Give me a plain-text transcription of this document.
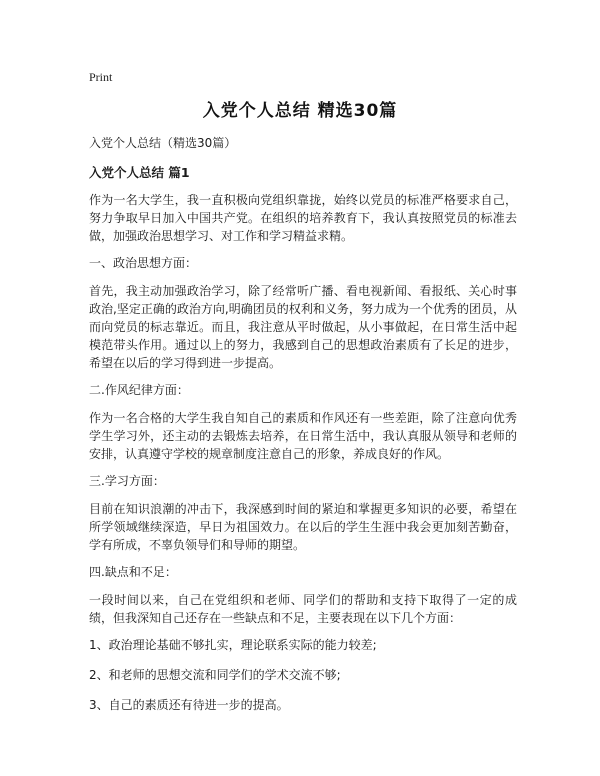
Print
入党个人总结 精选30篇
入党个人总结（精选30篇）
入党个人总结 篇1
作为一名大学生，我一直积极向党组织靠拢，始终以党员的标准严格要求自己，努力争取早日加入中国共产党。在组织的培养教育下，我认真按照党员的标准去做，加强政治思想学习、对工作和学习精益求精。
一、政治思想方面：
首先，我主动加强政治学习，除了经常听广播、看电视新闻、看报纸、关心时事政治,坚定正确的政治方向,明确团员的权利和义务，努力成为一个优秀的团员，从而向党员的标志靠近。而且，我注意从平时做起，从小事做起，在日常生活中起模范带头作用。通过以上的努力，我感到自己的思想政治素质有了长足的进步，希望在以后的学习得到进一步提高。
二.作风纪律方面：
作为一名合格的大学生我自知自己的素质和作风还有一些差距，除了注意向优秀学生学习外，还主动的去锻炼去培养，在日常生活中，我认真服从领导和老师的安排，认真遵守学校的规章制度注意自己的形象，养成良好的作风。
三.学习方面：
目前在知识浪潮的冲击下，我深感到时间的紧迫和掌握更多知识的必要，希望在所学领域继续深造，早日为祖国效力。在以后的学生生涯中我会更加刻苦勤奋，学有所成，不辜负领导们和导师的期望。
四.缺点和不足：
一段时间以来，自己在党组织和老师、同学们的帮助和支持下取得了一定的成绩，但我深知自己还存在一些缺点和不足，主要表现在以下几个方面：
1、政治理论基础不够扎实，理论联系实际的能力较差;
2、和老师的思想交流和同学们的学术交流不够;
3、自己的素质还有待进一步的提高。
